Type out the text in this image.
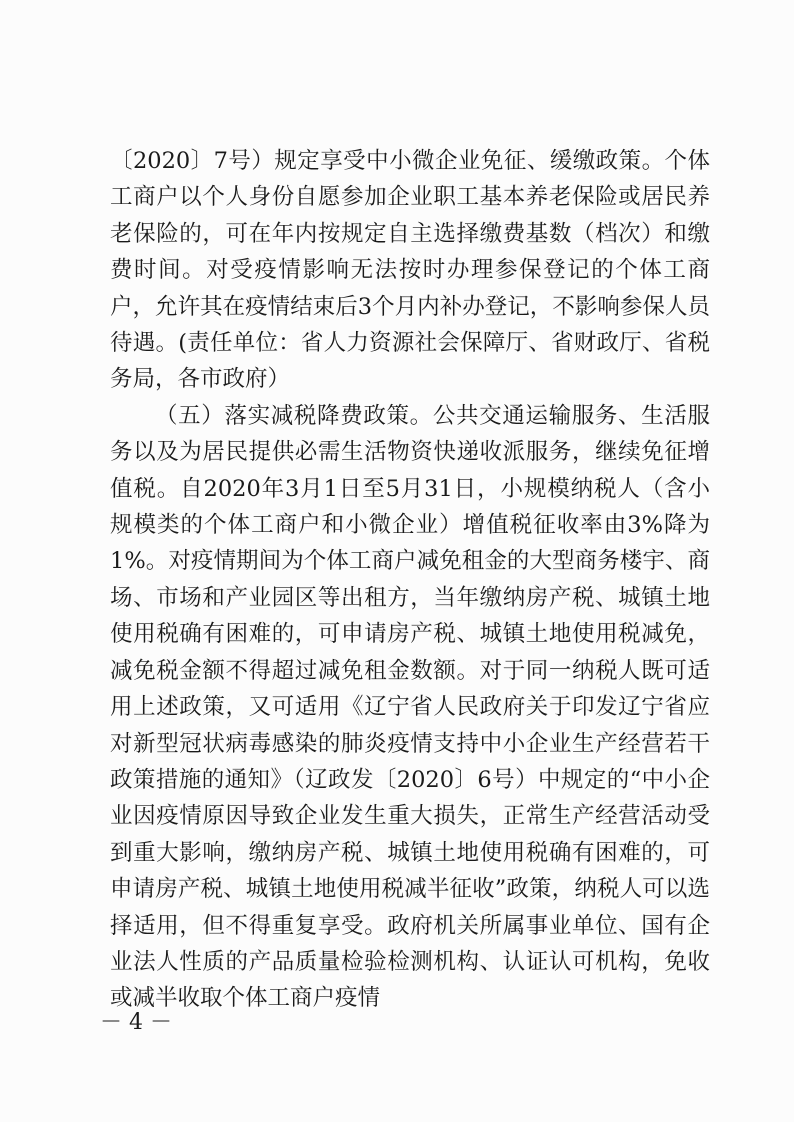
〔2020〕7号）规定享受中小微企业免征、缓缴政策。个体工商户以个人身份自愿参加企业职工基本养老保险或居民养老保险的，可在年内按规定自主选择缴费基数（档次）和缴费时间。对受疫情影响无法按时办理参保登记的个体工商户，允许其在疫情结束后3个月内补办登记，不影响参保人员待遇。(责任单位：省人力资源社会保障厅、省财政厅、省税务局，各市政府）

（五）落实减税降费政策。公共交通运输服务、生活服务以及为居民提供必需生活物资快递收派服务，继续免征增值税。自2020年3月1日至5月31日，小规模纳税人（含小规模类的个体工商户和小微企业）增值税征收率由3%降为1%。对疫情期间为个体工商户减免租金的大型商务楼宇、商场、市场和产业园区等出租方，当年缴纳房产税、城镇土地使用税确有困难的，可申请房产税、城镇土地使用税减免，减免税金额不得超过减免租金数额。对于同一纳税人既可适用上述政策，又可适用《辽宁省人民政府关于印发辽宁省应对新型冠状病毒感染的肺炎疫情支持中小企业生产经营若干政策措施的通知》（辽政发〔2020〕6号）中规定的“中小企业因疫情原因导致企业发生重大损失，正常生产经营活动受到重大影响，缴纳房产税、城镇土地使用税确有困难的，可申请房产税、城镇土地使用税减半征收”政策，纳税人可以选择适用，但不得重复享受。政府机关所属事业单位、国有企业法人性质的产品质量检验检测机构、认证认可机构，免收或减半收取个体工商户疫情

－ 4 －
